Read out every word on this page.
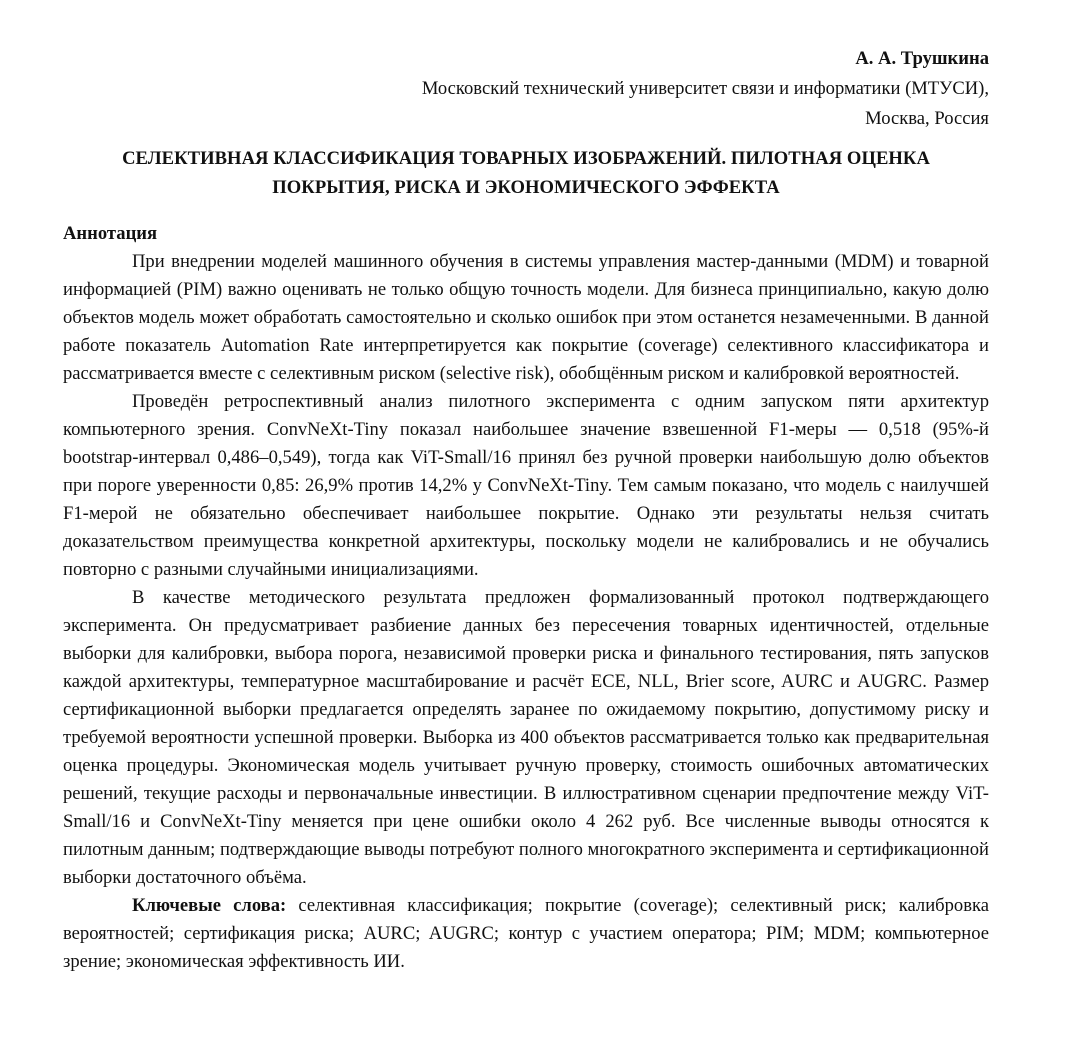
А. А. Трушкина
Московский технический университет связи и информатики (МТУСИ),
Москва, Россия
СЕЛЕКТИВНАЯ КЛАССИФИКАЦИЯ ТОВАРНЫХ ИЗОБРАЖЕНИЙ. ПИЛОТНАЯ ОЦЕНКА
ПОКРЫТИЯ, РИСКА И ЭКОНОМИЧЕСКОГО ЭФФЕКТА
Аннотация

При внедрении моделей машинного обучения в системы управления мастер-данными (MDM) и товарной информацией (PIM) важно оценивать не только общую точность модели. Для бизнеса принципиально, какую долю объектов модель может обработать самостоятельно и сколько ошибок при этом останется незамеченными. В данной работе показатель Automation Rate интерпретируется как покрытие (coverage) селективного классификатора и рассматривается вместе с селективным риском (selective risk), обобщённым риском и калибровкой вероятностей.

Проведён ретроспективный анализ пилотного эксперимента с одним запуском пяти архитектур компьютерного зрения. ConvNeXt-Tiny показал наибольшее значение взвешенной F1-меры — 0,518 (95%-й bootstrap-интервал 0,486–0,549), тогда как ViT-Small/16 принял без ручной проверки наибольшую долю объектов при пороге уверенности 0,85: 26,9% против 14,2% у ConvNeXt-Tiny. Тем самым показано, что модель с наилучшей F1-мерой не обязательно обеспечивает наибольшее покрытие. Однако эти результаты нельзя считать доказательством преимущества конкретной архитектуры, поскольку модели не калибровались и не обучались повторно с разными случайными инициализациями.

В качестве методического результата предложен формализованный протокол подтверждающего эксперимента. Он предусматривает разбиение данных без пересечения товарных идентичностей, отдельные выборки для калибровки, выбора порога, независимой проверки риска и финального тестирования, пять запусков каждой архитектуры, температурное масштабирование и расчёт ECE, NLL, Brier score, AURC и AUGRC. Размер сертификационной выборки предлагается определять заранее по ожидаемому покрытию, допустимому риску и требуемой вероятности успешной проверки. Выборка из 400 объектов рассматривается только как предварительная оценка процедуры. Экономическая модель учитывает ручную проверку, стоимость ошибочных автоматических решений, текущие расходы и первоначальные инвестиции. В иллюстративном сценарии предпочтение между ViT-Small/16 и ConvNeXt-Tiny меняется при цене ошибки около 4 262 руб. Все численные выводы относятся к пилотным данным; подтверждающие выводы потребуют полного многократного эксперимента и сертификационной выборки достаточного объёма.

Ключевые слова: селективная классификация; покрытие (coverage); селективный риск; калибровка вероятностей; сертификация риска; AURC; AUGRC; контур с участием оператора; PIM; MDM; компьютерное зрение; экономическая эффективность ИИ.
